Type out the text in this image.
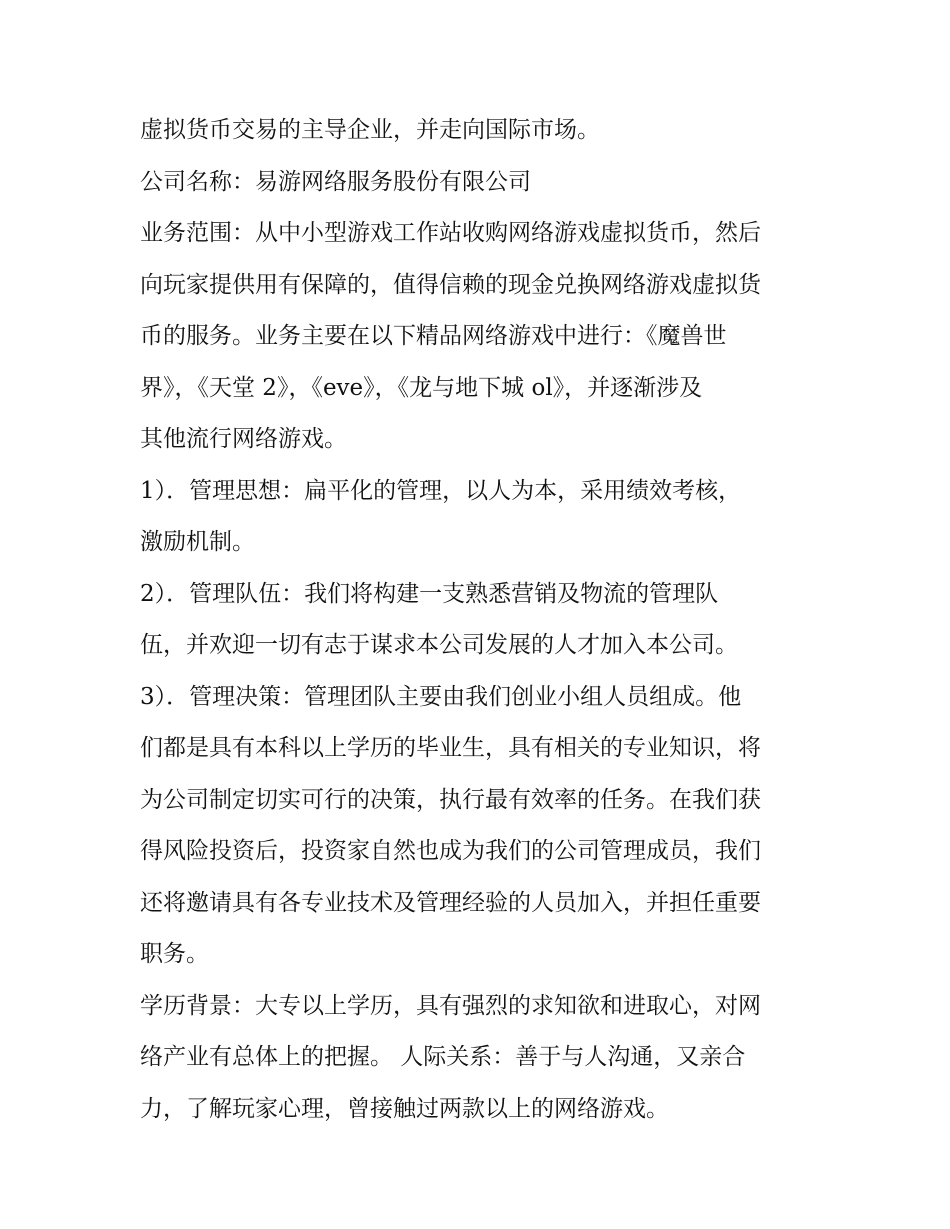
虚拟货币交易的主导企业，并走向国际市场。
公司名称：易游网络服务股份有限公司
业务范围：从中小型游戏工作站收购网络游戏虚拟货币，然后
向玩家提供用有保障的，值得信赖的现金兑换网络游戏虚拟货
币的服务。业务主要在以下精品网络游戏中进行：《魔兽世
界》，《天堂 2》，《eve》，《龙与地下城 ol》，并逐渐涉及
其他流行网络游戏。
1）．管理思想：扁平化的管理，以人为本，采用绩效考核，
激励机制。
2）．管理队伍：我们将构建一支熟悉营销及物流的管理队
伍，并欢迎一切有志于谋求本公司发展的人才加入本公司。
3）．管理决策：管理团队主要由我们创业小组人员组成。他
们都是具有本科以上学历的毕业生，具有相关的专业知识，将
为公司制定切实可行的决策，执行最有效率的任务。在我们获
得风险投资后，投资家自然也成为我们的公司管理成员，我们
还将邀请具有各专业技术及管理经验的人员加入，并担任重要
职务。
学历背景：大专以上学历，具有强烈的求知欲和进取心，对网
络产业有总体上的把握。 人际关系：善于与人沟通，又亲合
力，了解玩家心理，曾接触过两款以上的网络游戏。
